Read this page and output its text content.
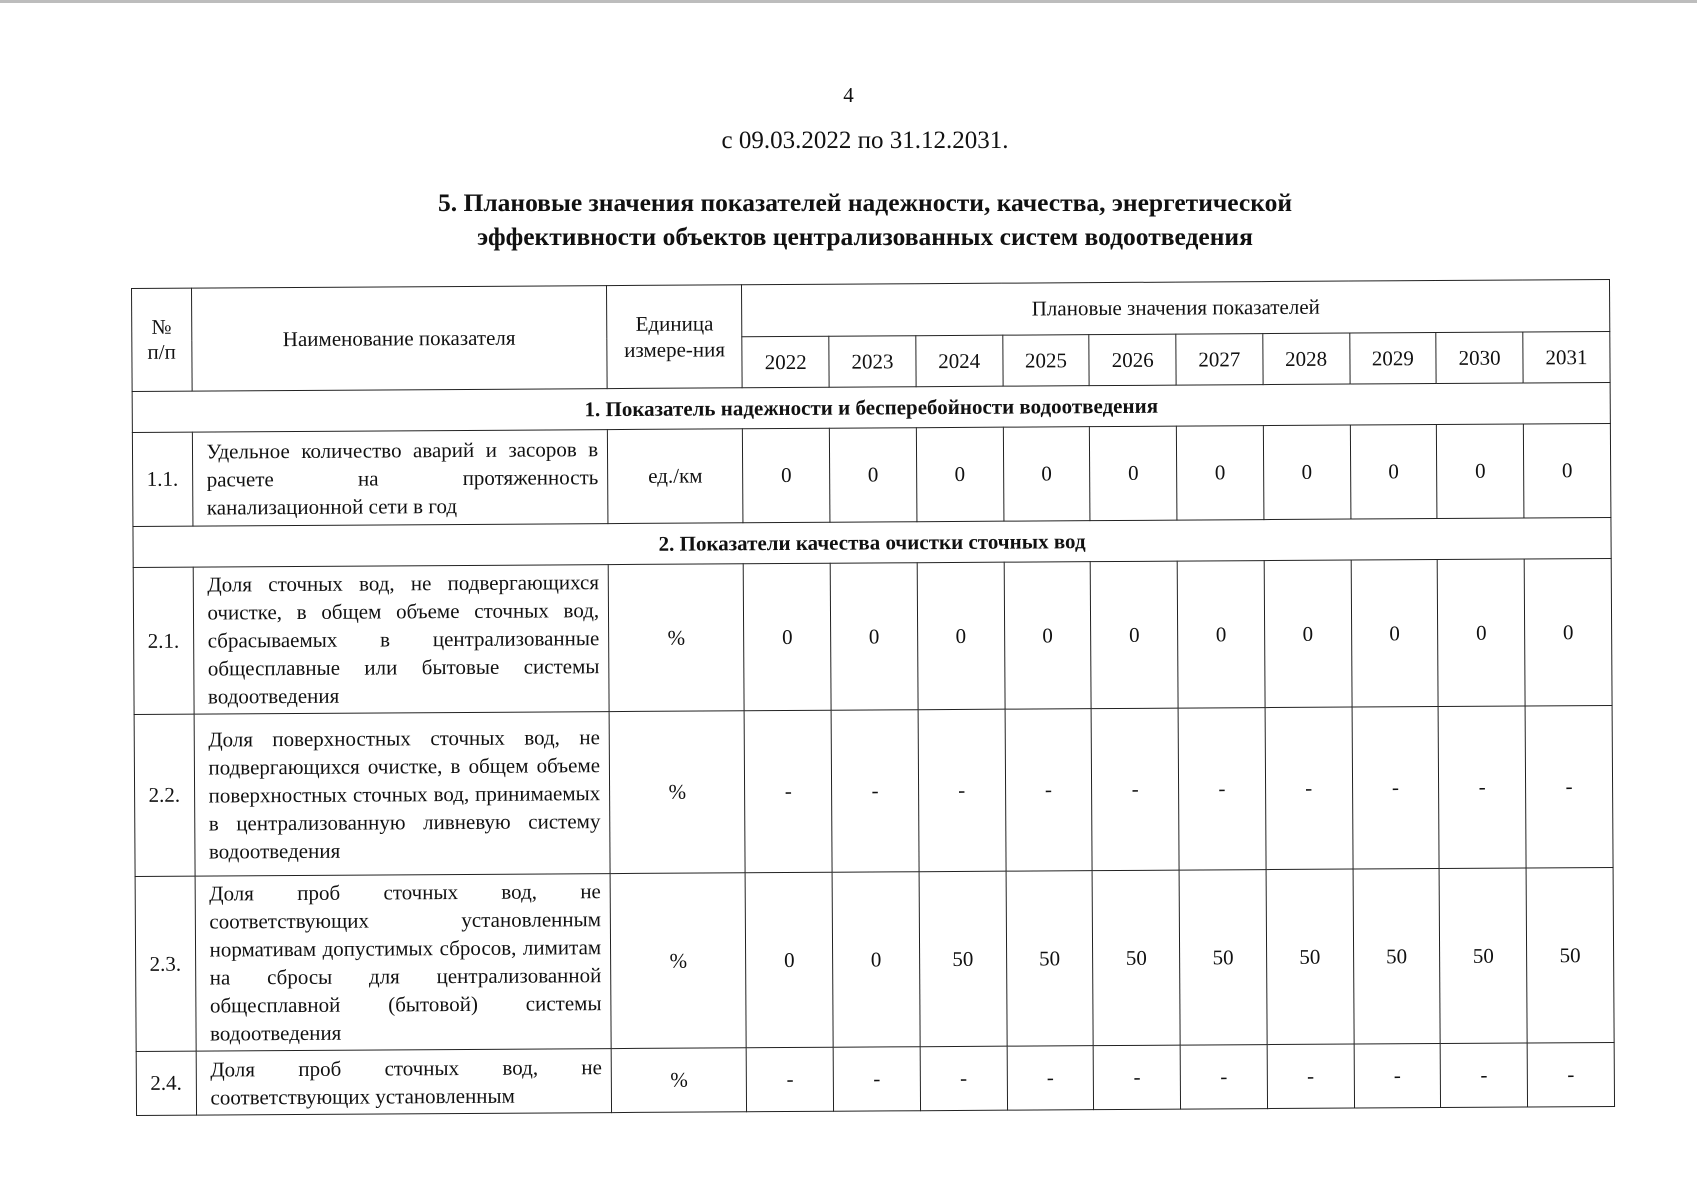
4
с 09.03.2022 по 31.12.2031.
5. Плановые значения показателей надежности, качества, энергетической
эффективности объектов централизованных систем водоотведения
№ п/п	Наименование показателя	Единица измере-ния	Плановые значения показателей									
			2022	2023	2024	2025	2026	2027	2028	2029	2030	2031
1. Показатель надежности и бесперебойности водоотведения												
1.1.	Удельное количество аварий и засоров в расчете на протяженность канализационной сети в год	ед./км	0	0	0	0	0	0	0	0	0	0
2. Показатели качества очистки сточных вод												
2.1.	Доля сточных вод, не подвергающихся очистке, в общем объеме сточных вод, сбрасываемых в централизованные общесплавные или бытовые системы водоотведения	%	0	0	0	0	0	0	0	0	0	0
2.2.	Доля поверхностных сточных вод, не подвергающихся очистке, в общем объеме поверхностных сточных вод, принимаемых в централизованную ливневую систему водоотведения	%	-	-	-	-	-	-	-	-	-	-
2.3.	Доля проб сточных вод, не соответствующих установленным нормативам допустимых сбросов, лимитам на сбросы для централизованной общесплавной (бытовой) системы водоотведения	%	0	0	50	50	50	50	50	50	50	50
2.4.	Доля проб сточных вод, не соответствующих установленным	%	-	-	-	-	-	-	-	-	-	-
